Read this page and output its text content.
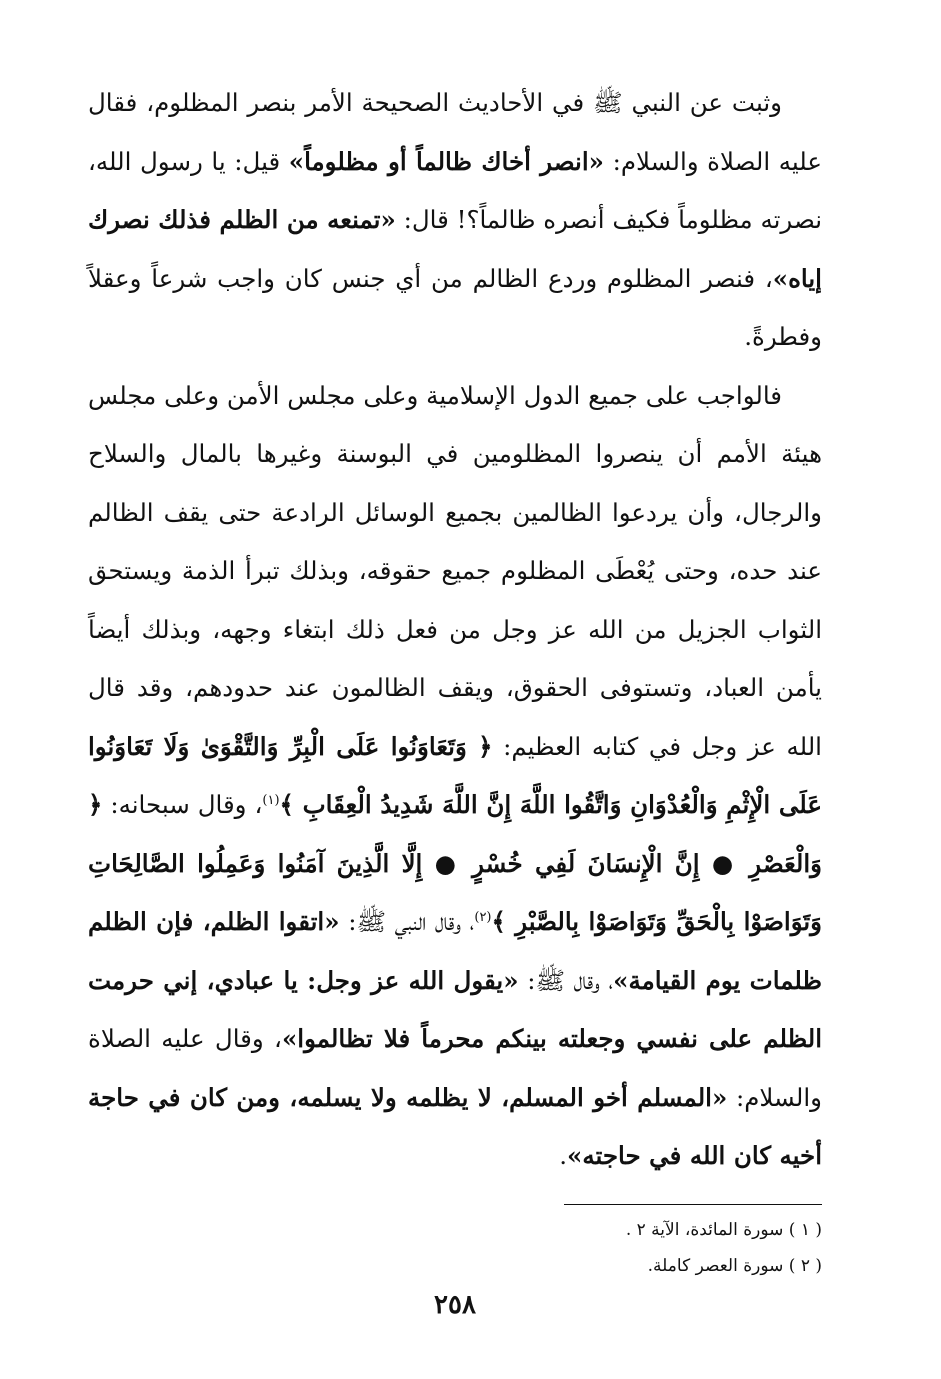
وثبت عن النبي ﷺ في الأحاديث الصحيحة الأمر بنصر المظلوم، فقال عليه الصلاة والسلام: «انصر أخاك ظالماً أو مظلوماً» قيل: يا رسول الله، نصرته مظلوماً فكيف أنصره ظالماً؟! قال: «تمنعه من الظلم فذلك نصرك إياه»، فنصر المظلوم وردع الظالم من أي جنس كان واجب شرعاً وعقلاً وفطرةً.

فالواجب على جميع الدول الإسلامية وعلى مجلس الأمن وعلى مجلس هيئة الأمم أن ينصروا المظلومين في البوسنة وغيرها بالمال والسلاح والرجال، وأن يردعوا الظالمين بجميع الوسائل الرادعة حتى يقف الظالم عند حده، وحتى يُعْطَى المظلوم جميع حقوقه، وبذلك تبرأ الذمة ويستحق الثواب الجزيل من الله عز وجل من فعل ذلك ابتغاء وجهه، وبذلك أيضاً يأمن العباد، وتستوفى الحقوق، ويقف الظالمون عند حدودهم، وقد قال الله عز وجل في كتابه العظيم: ﴿ وَتَعَاوَنُوا عَلَى الْبِرِّ وَالتَّقْوَىٰ وَلَا تَعَاوَنُوا عَلَى الْإِثْمِ وَالْعُدْوَانِ وَاتَّقُوا اللَّهَ إِنَّ اللَّهَ شَدِيدُ الْعِقَابِ ﴾$^{(١)}$، وقال سبحانه: ﴿ وَالْعَصْرِ ● إِنَّ الْإِنسَانَ لَفِي خُسْرٍ ● إِلَّا الَّذِينَ آمَنُوا وَعَمِلُوا الصَّالِحَاتِ وَتَوَاصَوْا بِالْحَقِّ وَتَوَاصَوْا بِالصَّبْرِ ﴾$^{(٢)}$، وقال النبي ﷺ: «اتقوا الظلم، فإن الظلم ظلمات يوم القيامة»، وقال ﷺ: «يقول الله عز وجل: يا عبادي، إني حرمت الظلم على نفسي وجعلته بينكم محرماً فلا تظالموا»، وقال عليه الصلاة والسلام: «المسلم أخو المسلم، لا يظلمه ولا يسلمه، ومن كان في حاجة أخيه كان الله في حاجته».

( ١ ) سورة المائدة، الآية ٢ .

( ٢ ) سورة العصر كاملة.

٢٥٨
